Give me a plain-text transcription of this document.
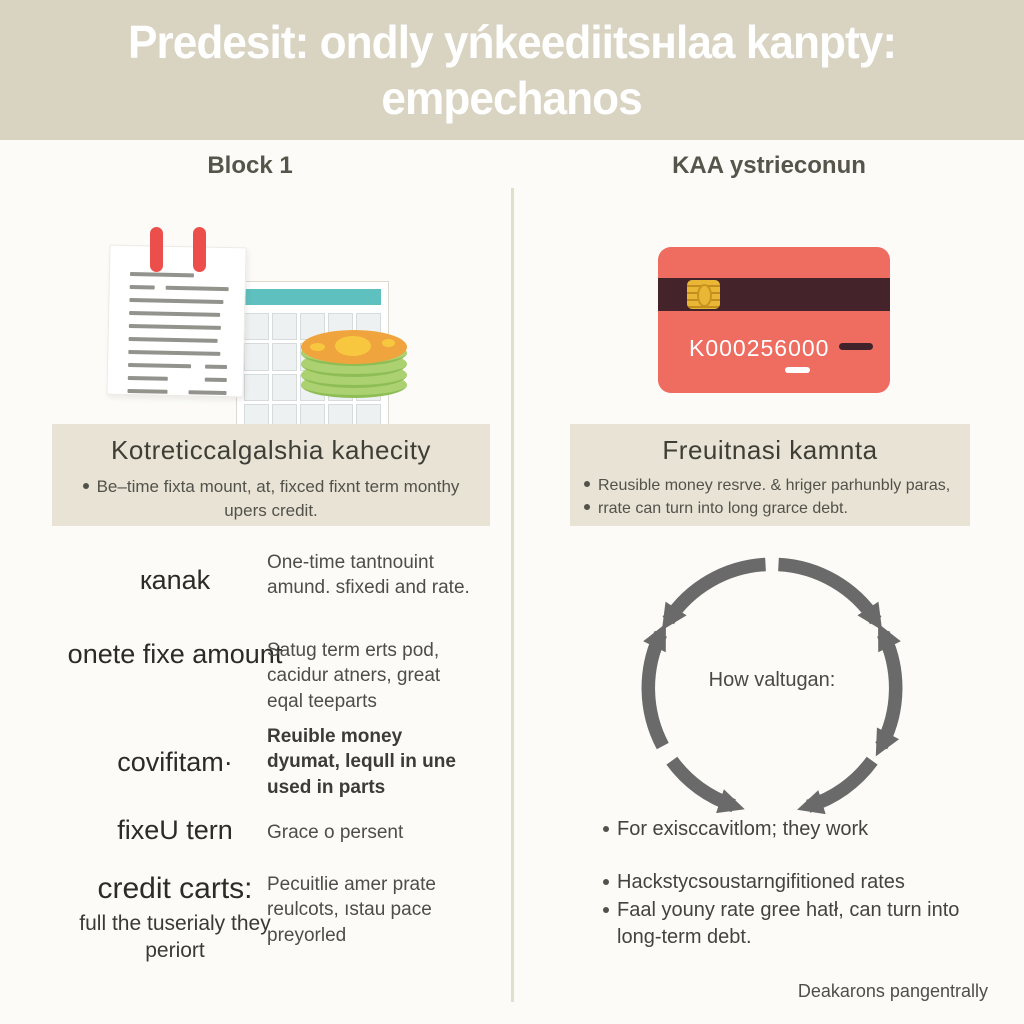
Predesit: ondly yńkeediitsнlaa kanpty:
empechanos
Block 1	KAA ystrieconun
K000256000
Kotreticcalgalshia kahecity
Be–time fixta mount, at, fixced fixnt term monthy upers credit.
Freuitnasi kamnta
Reusible money resrve. & hriger parhunbly paras,
rrate can turn into long grarce debt.
кanak
One-time tantnouint amund. sfixedi and rate.
onete fixe amount
Satug term erts pod, cacidur atners, great eqal teeparts
covifitam·
Reuible money dyumat, lequll in une used in parts
fixeU tern	Grace o persent
credit carts:
full the tuserialy they periort
Pecuitlie amer prate reulcots, ıstau pace preyorled
How valtugan:
For exisccavitlom; they work
Hackstycsoustarngifitioned rates
Faal youny rate gree hatł, can turn into long-term debt.
Deakarons pangentrally
